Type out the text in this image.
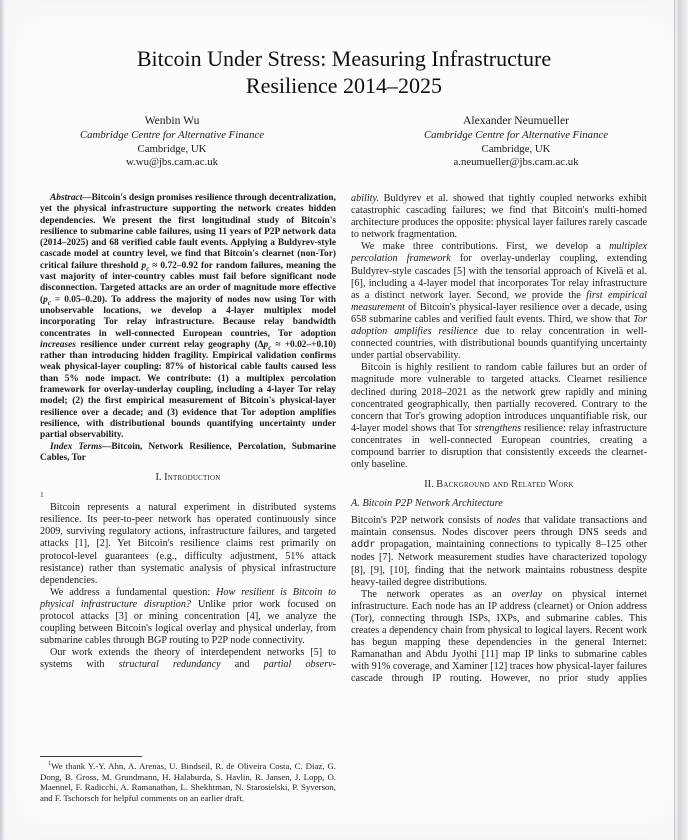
Bitcoin Under Stress: Measuring Infrastructure
Resilience 2014–2025
Wenbin Wu
Cambridge Centre for Alternative Finance
Cambridge, UK
w.wu@jbs.cam.ac.uk
Alexander Neumueller
Cambridge Centre for Alternative Finance
Cambridge, UK
a.neumueller@jbs.cam.ac.uk

Abstract—Bitcoin's design promises resilience through decentralization, yet the physical infrastructure supporting the network creates hidden dependencies. We present the first longitudinal study of Bitcoin's resilience to submarine cable failures, using 11 years of P2P network data (2014–2025) and 68 verified cable fault events. Applying a Buldyrev-style cascade model at country level, we find that Bitcoin's clearnet (non-Tor) critical failure threshold $p_c \approx 0.72-0.92$ for random failures, meaning the vast majority of inter-country cables must fail before significant node disconnection. Targeted attacks are an order of magnitude more effective $(p_c = 0.05-0.20)$. To address the majority of nodes now using Tor with unobservable locations, we develop a 4-layer multiplex model incorporating Tor relay infrastructure. Because relay bandwidth concentrates in well-connected European countries, Tor adoption increases resilience under current relay geography $(\Delta p_c \approx +0.02-+0.10)$ rather than introducing hidden fragility. Empirical validation confirms weak physical-layer coupling: 87% of historical cable faults caused less than 5% node impact. We contribute: (1) a multiplex percolation framework for overlay-underlay coupling, including a 4-layer Tor relay model; (2) the first empirical measurement of Bitcoin's physical-layer resilience over a decade; and (3) evidence that Tor adoption amplifies resilience, with distributional bounds quantifying uncertainty under partial observability.

Index Terms—Bitcoin, Network Resilience, Percolation, Submarine Cables, Tor

I. Introduction
1

Bitcoin represents a natural experiment in distributed systems resilience. Its peer-to-peer network has operated continuously since 2009, surviving regulatory actions, infrastructure failures, and targeted attacks [1], [2]. Yet Bitcoin's resilience claims rest primarily on protocol-level guarantees (e.g., difficulty adjustment, 51% attack resistance) rather than systematic analysis of physical infrastructure dependencies.

We address a fundamental question: How resilient is Bitcoin to physical infrastructure disruption? Unlike prior work focused on protocol attacks [3] or mining concentration [4], we analyze the coupling between Bitcoin's logical overlay and physical underlay, from submarine cables through BGP routing to P2P node connectivity.

Our work extends the theory of interdependent networks [5] to systems with structural redundancy and partial observ-

$^1$We thank Y.-Y. Ahn, A. Arenas, U. Bindseil, R. de Oliveira Costa, C. Diaz, G. Dong, B. Gross, M. Grundmann, H. Halaburda, S. Havlin, R. Jansen, J. Lopp, O. Maennel, F. Radicchi, A. Ramanathan, L. Shekhtman, N. Starosielski, P. Syverson, and F. Tschorsch for helpful comments on an earlier draft.

ability. Buldyrev et al. showed that tightly coupled networks exhibit catastrophic cascading failures; we find that Bitcoin's multi-homed architecture produces the opposite: physical layer failures rarely cascade to network fragmentation.

We make three contributions. First, we develop a multiplex percolation framework for overlay-underlay coupling, extending Buldyrev-style cascades [5] with the tensorial approach of Kivelä et al. [6], including a 4-layer model that incorporates Tor relay infrastructure as a distinct network layer. Second, we provide the first empirical measurement of Bitcoin's physical-layer resilience over a decade, using 658 submarine cables and verified fault events. Third, we show that Tor adoption amplifies resilience due to relay concentration in well-connected countries, with distributional bounds quantifying uncertainty under partial observability.

Bitcoin is highly resilient to random cable failures but an order of magnitude more vulnerable to targeted attacks. Clearnet resilience declined during 2018–2021 as the network grew rapidly and mining concentrated geographically, then partially recovered. Contrary to the concern that Tor's growing adoption introduces unquantifiable risk, our 4-layer model shows that Tor strengthens resilience: relay infrastructure concentrates in well-connected European countries, creating a compound barrier to disruption that consistently exceeds the clearnet-only baseline.

II. Background and Related Work
A. Bitcoin P2P Network Architecture

Bitcoin's P2P network consists of nodes that validate transactions and maintain consensus. Nodes discover peers through DNS seeds and addr propagation, maintaining connections to typically 8–125 other nodes [7]. Network measurement studies have characterized topology [8], [9], [10], finding that the network maintains robustness despite heavy-tailed degree distributions.

The network operates as an overlay on physical internet infrastructure. Each node has an IP address (clearnet) or Onion address (Tor), connecting through ISPs, IXPs, and submarine cables. This creates a dependency chain from physical to logical layers. Recent work has begun mapping these dependencies in the general Internet: Ramanathan and Abdu Jyothi [11] map IP links to submarine cables with 91% coverage, and Xaminer [12] traces how physical-layer failures cascade through IP routing. However, no prior study applies
